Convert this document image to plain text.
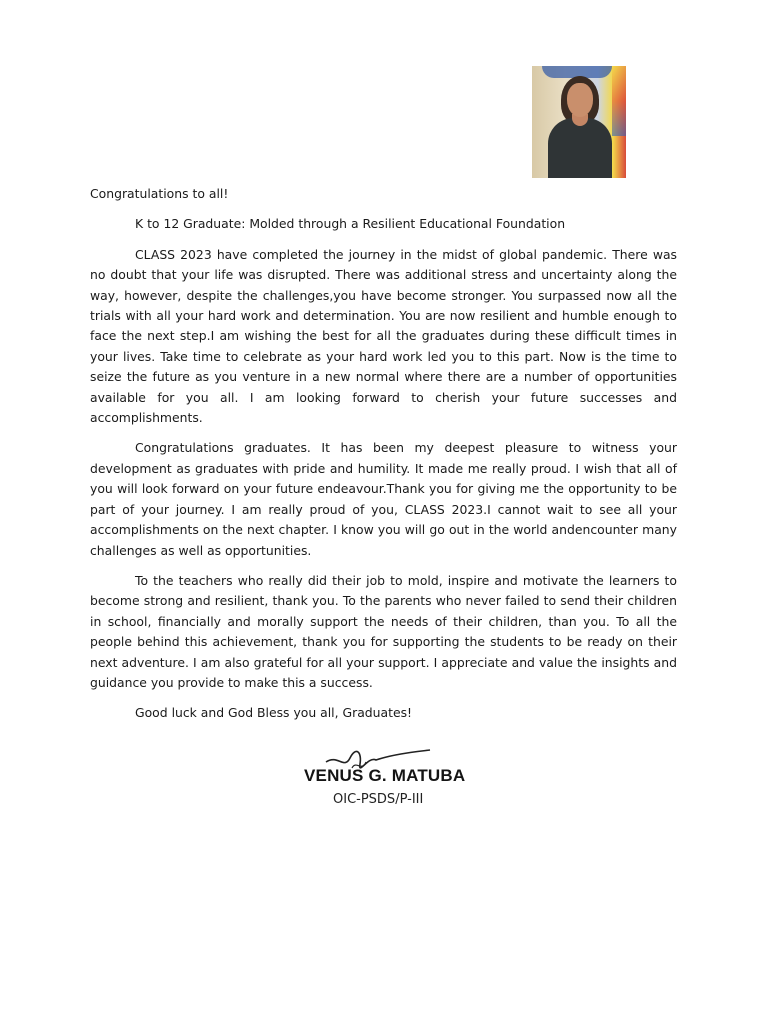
Congratulations to all!

K to 12 Graduate: Molded through a Resilient Educational Foundation

CLASS 2023 have completed the journey in the midst of global pandemic. There was no doubt that your life was disrupted. There was additional stress and uncertainty along the way, however, despite the challenges,you have become stronger. You surpassed now all the trials with all your hard work and determination. You are now resilient and humble enough to face the next step.I am wishing the best for all the graduates during these difficult times in your lives. Take time to celebrate as your hard work led you to this part. Now is the time to seize the future as you venture in a new normal where there are a number of opportunities available for you all. I am looking forward to cherish your future successes and accomplishments.

Congratulations graduates. It has been my deepest pleasure to witness your development as graduates with pride and humility. It made me really proud. I wish that all of you will look forward on your future endeavour.Thank you for giving me the opportunity to be part of your journey. I am really proud of you, CLASS 2023.I cannot wait to see all your accomplishments on the next chapter. I know you will go out in the world andencounter many challenges as well as opportunities.

To the teachers who really did their job to mold, inspire and motivate the learners to become strong and resilient, thank you. To the parents who never failed to send their children in school, financially and morally support the needs of their children, than you. To all the people behind this achievement, thank you for supporting the students to be ready on their next adventure. I am also grateful for all your support. I appreciate and value the insights and guidance you provide to make this a success.

Good luck and God Bless you all, Graduates!

VENUS G. MATUBA
OIC-PSDS/P-III
